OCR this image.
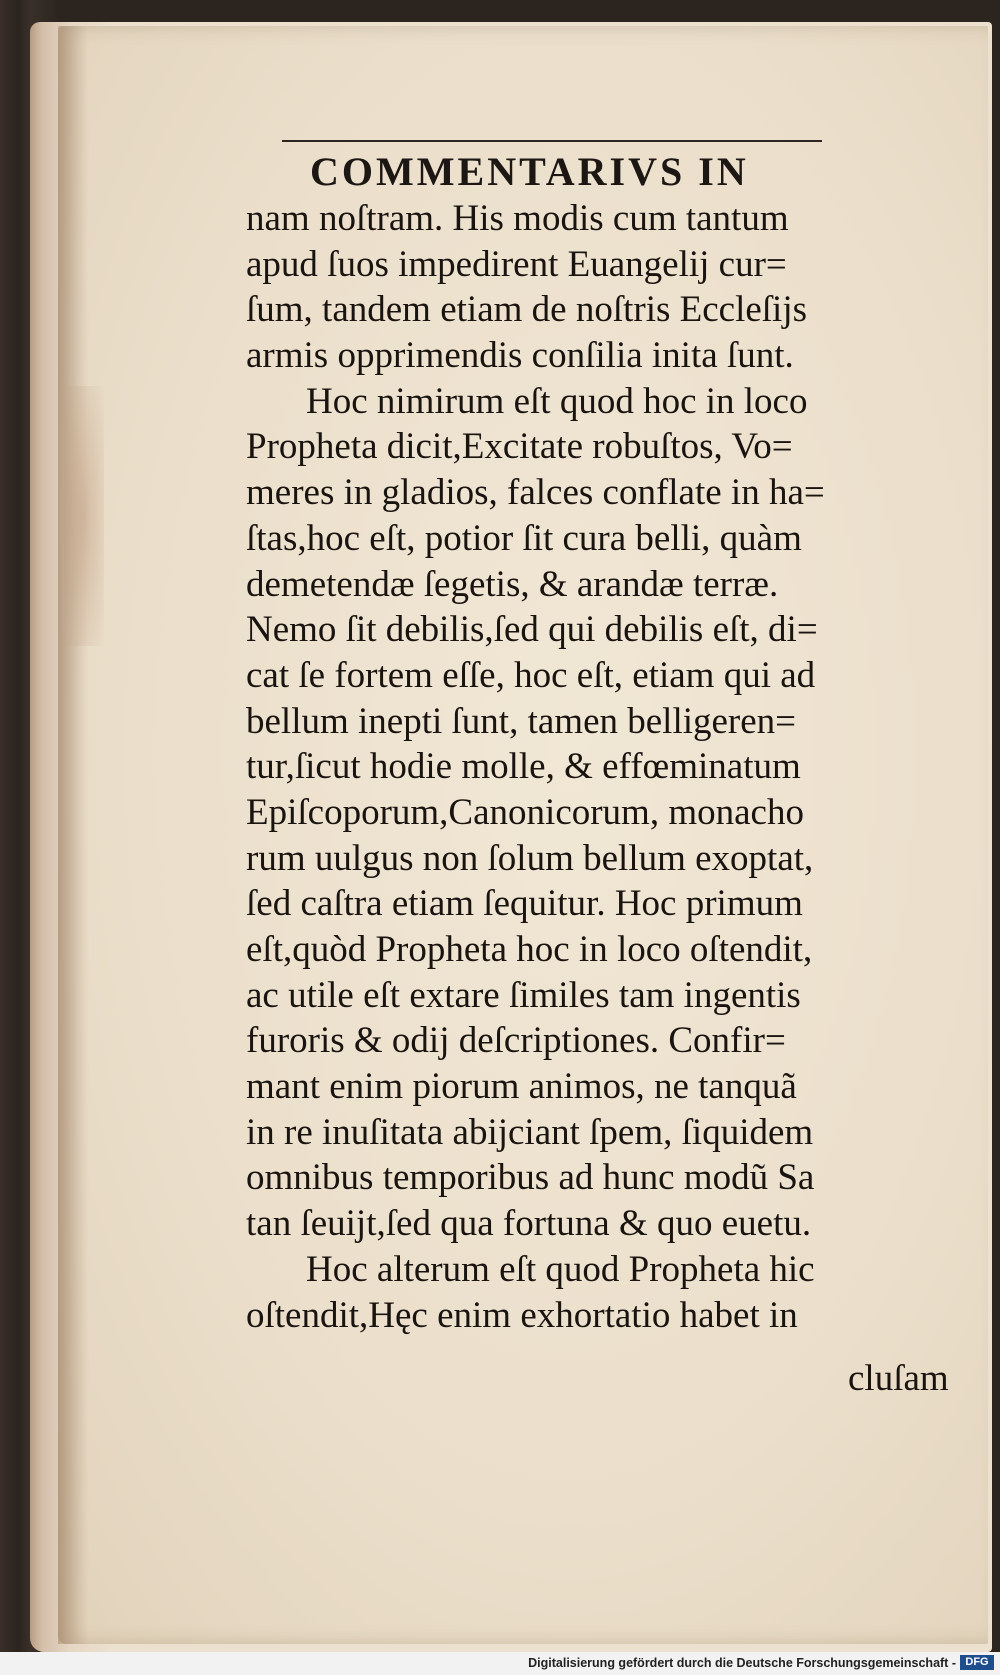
COMMENTARIVS IN
nam noſtram. His modis cum tantum
apud ſuos impedirent Euangelij cur=
ſum, tandem etiam de noſtris Eccleſijs
armis opprimendis conſilia inita ſunt.
Hoc nimirum eſt quod hoc in loco
Propheta dicit,Excitate robuſtos, Vo=
meres in gladios, falces conflate in ha=
ſtas,hoc eſt, potior ſit cura belli, quàm
demetendæ ſegetis, & arandæ terræ.
Nemo ſit debilis,ſed qui debilis eſt, di=
cat ſe fortem eſſe, hoc eſt, etiam qui ad
bellum inepti ſunt, tamen belligeren=
tur,ſicut hodie molle, & effœminatum
Epiſcoporum,Canonicorum, monacho
rum uulgus non ſolum bellum exoptat,
ſed caſtra etiam ſequitur. Hoc primum
eſt,quòd Propheta hoc in loco oſtendit,
ac utile eſt extare ſimiles tam ingentis
furoris & odij deſcriptiones. Confir=
mant enim piorum animos, ne tanquã
in re inuſitata abijciant ſpem, ſiquidem
omnibus temporibus ad hunc modũ Sa
tan ſeuijt,ſed qua fortuna & quo euetu.
Hoc alterum eſt quod Propheta hic
oſtendit,Hęc enim exhortatio habet in
cluſam
Digitalisierung gefördert durch die Deutsche Forschungsgemeinschaft - DFG
